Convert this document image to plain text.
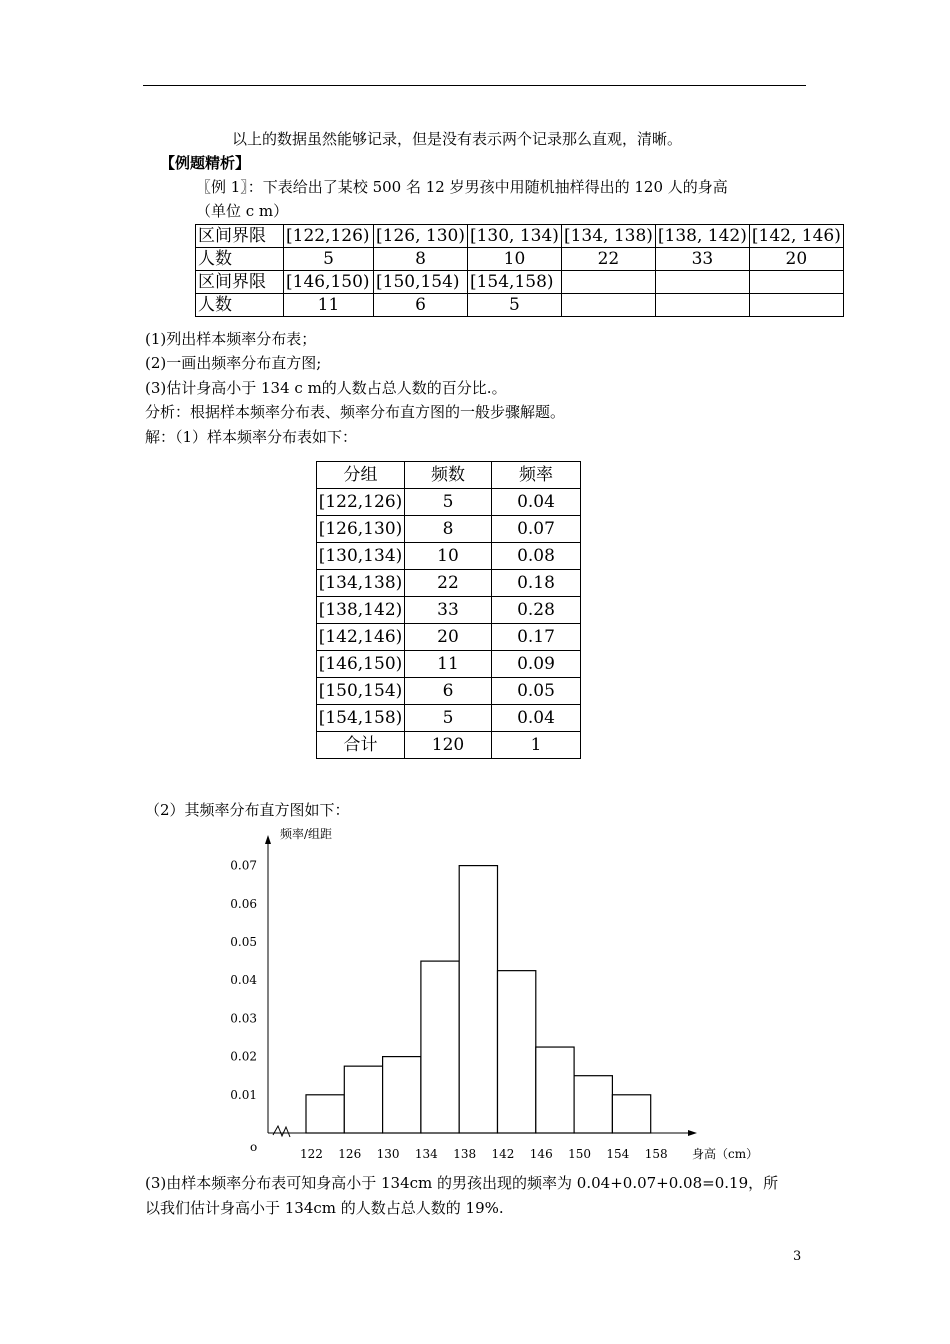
以上的数据虽然能够记录，但是没有表示两个记录那么直观，清晰。
【例题精析】
〖例 1〗：下表给出了某校 500 名 12 岁男孩中用随机抽样得出的 120 人的身高
（单位 c m）
区间界限	[122,126)	[126, 130)	[130, 134)	[134, 138)	[138, 142)	[142, 146)
人数	5	8	10	22	33	20
区间界限	[146,150)	[150,154)	[154,158)			
人数	11	6	5			
(1)列出样本频率分布表；
(2)一画出频率分布直方图;
(3)估计身高小于 134 c m的人数占总人数的百分比.。
分析：根据样本频率分布表、频率分布直方图的一般步骤解题。
解：（1）样本频率分布表如下：
分组	频数	频率
[122,126)	5	0.04
[126,130)	8	0.07
[130,134)	10	0.08
[134,138)	22	0.18
[138,142)	33	0.28
[142,146)	20	0.17
[146,150)	11	0.09
[150,154)	6	0.05
[154,158)	5	0.04
合计	120	1
（2）其频率分布直方图如下：
0.01
0.02
0.03
0.04
0.05
0.06
0.07
频率/组距
o	122 126 130 134 138 142 146 150 154 158 身高（cm）
(3)由样本频率分布表可知身高小于 134cm 的男孩出现的频率为 0.04+0.07+0.08=0.19，所
以我们估计身高小于 134cm 的人数占总人数的 19%.
3
